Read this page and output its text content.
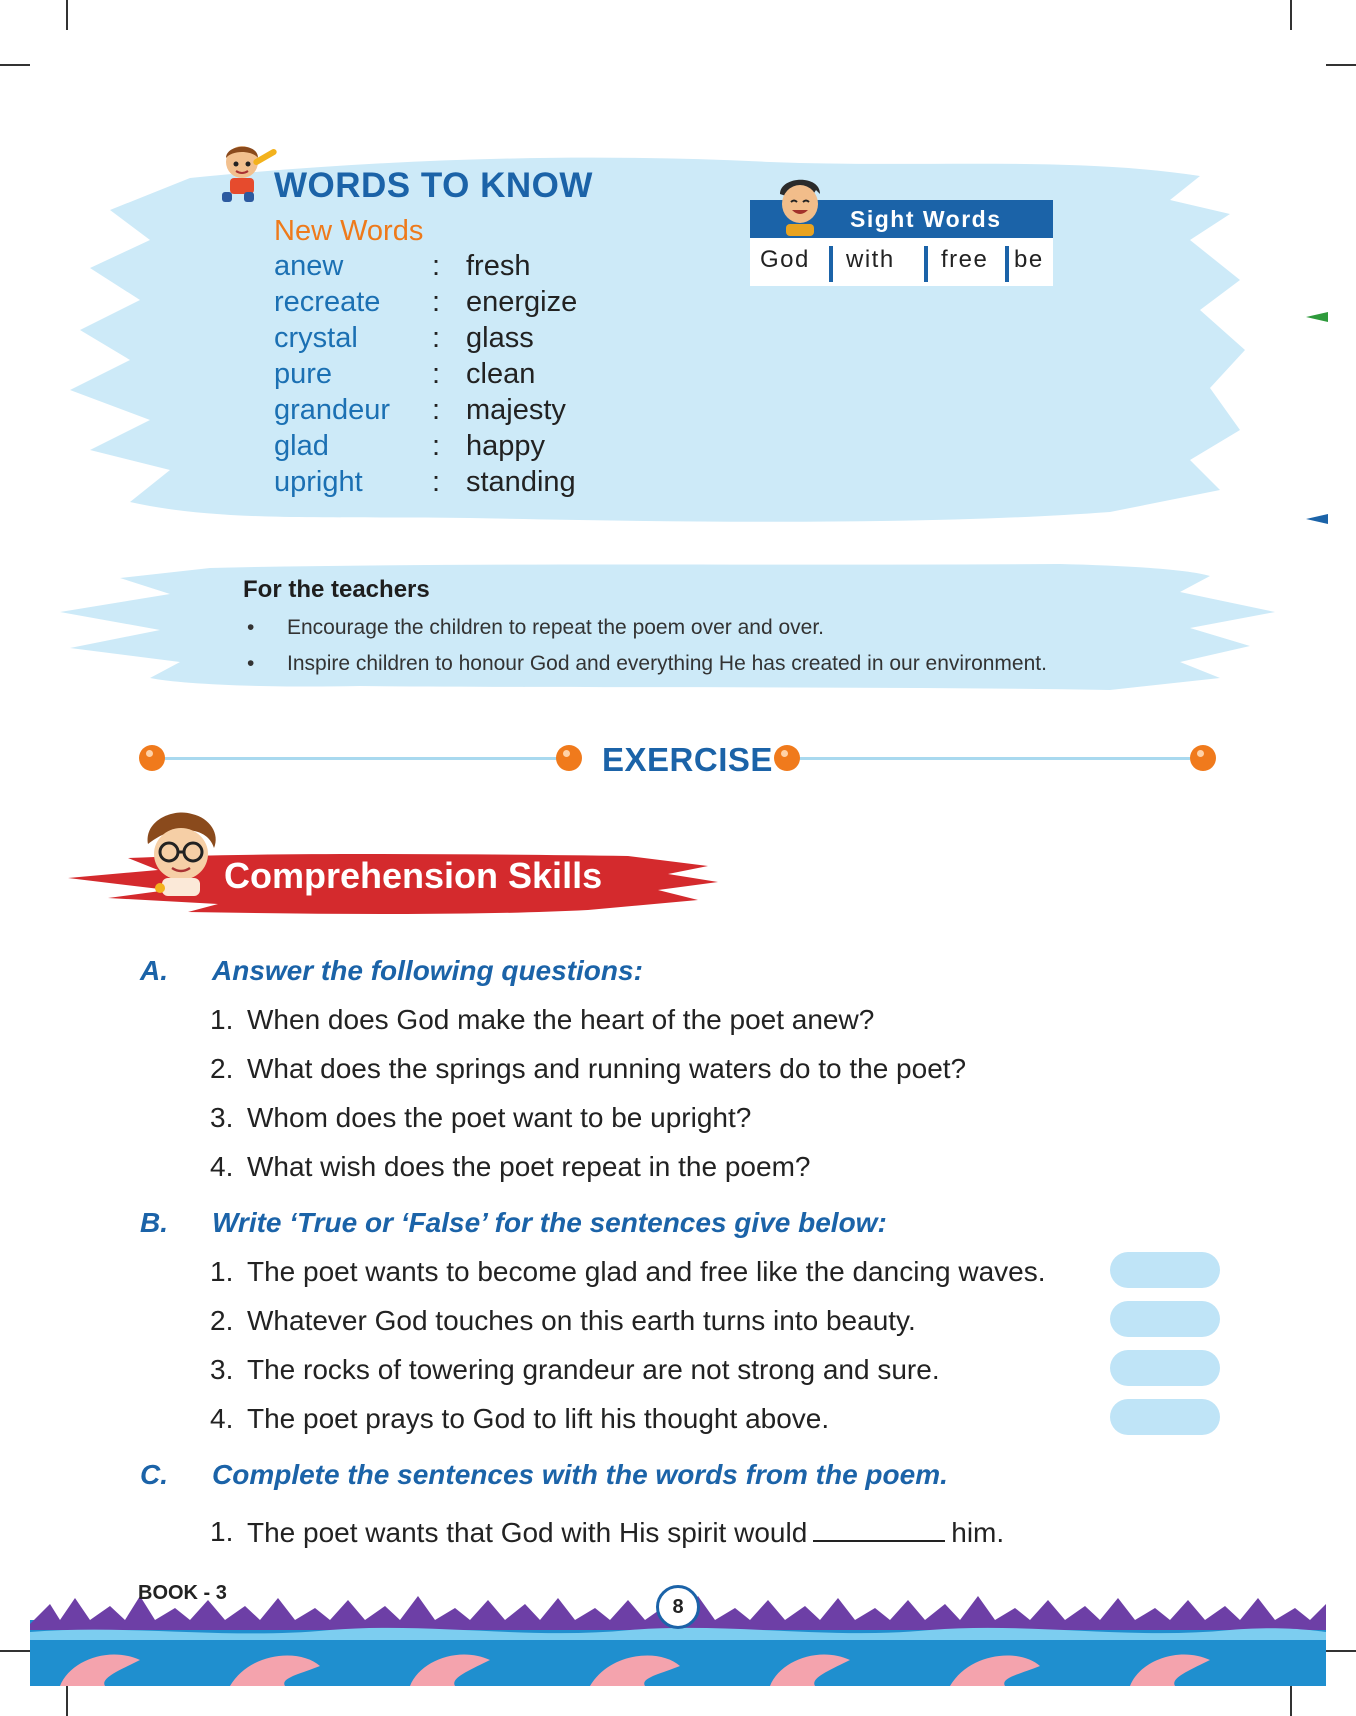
WORDS TO KNOW
New Words
anew	: fresh
recreate : energize
crystal	: glass
pure	: clean
grandeur : majesty
glad	: happy
upright : standing
Sight Words
God with free be
For the teachers
• Encourage the children to repeat the poem over and over.
• Inspire children to honour God and everything He has created in our environment.
EXERCISE
Comprehension Skills
A. Answer the following questions:
1. When does God make the heart of the poet anew?
2. What does the springs and running waters do to the poet?
3. Whom does the poet want to be upright?
4. What wish does the poet repeat in the poem?
B. Write ‘True or ‘False’ for the sentences give below:
1. The poet wants to become glad and free like the dancing waves.
2. Whatever God touches on this earth turns into beauty.
3. The rocks of towering grandeur are not strong and sure.
4. The poet prays to God to lift his thought above.
C. Complete the sentences with the words from the poem.
1. The poet wants that God with His spirit would	him.
BOOK - 3
8
